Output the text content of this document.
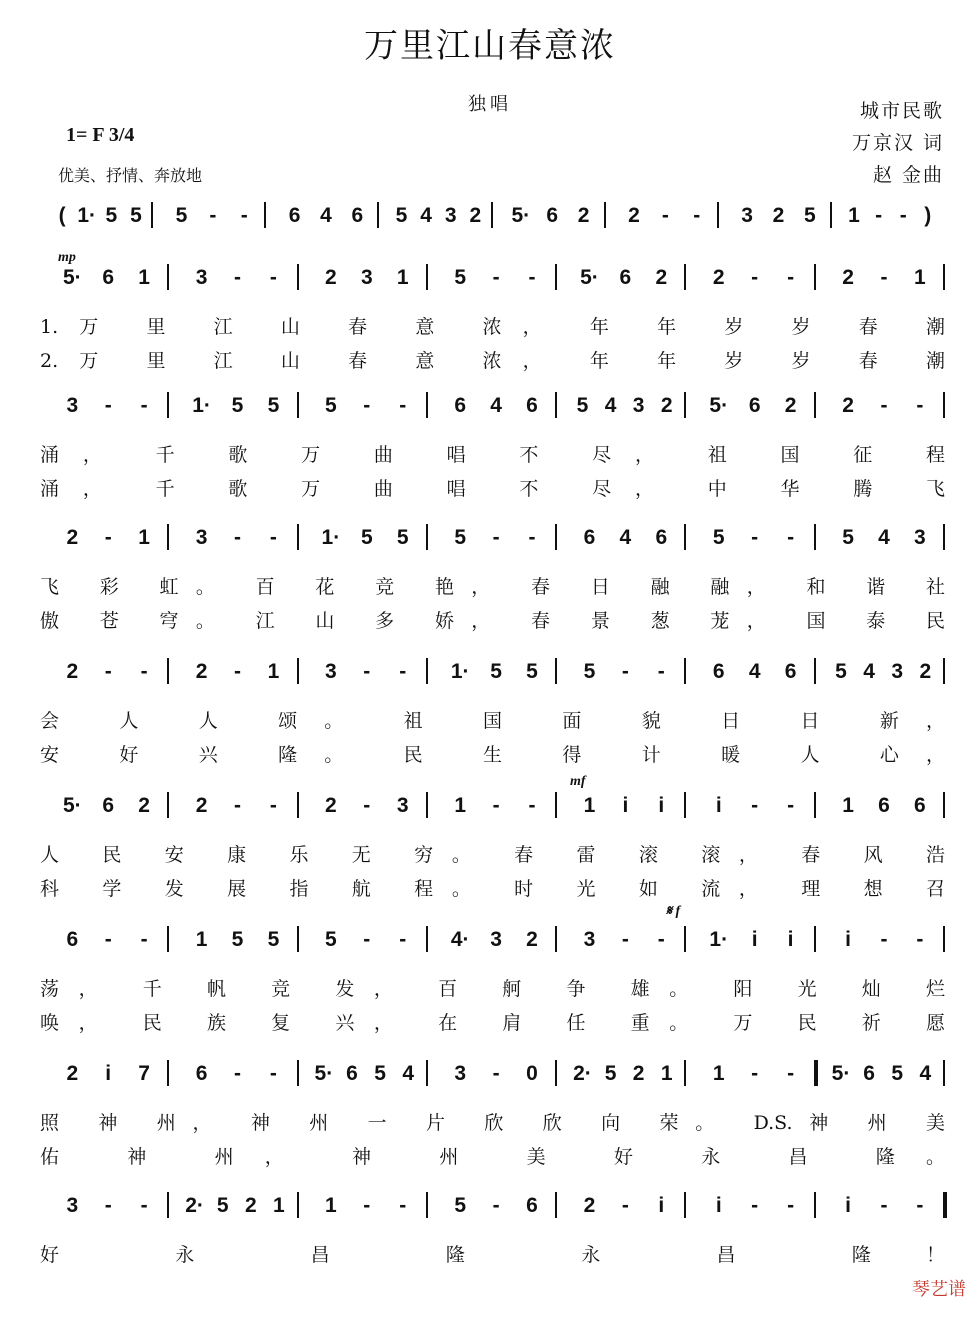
万里江山春意浓
独唱	城市民歌
万京汉 词
赵 金曲
1= F 3/4
优美、抒情、奔放地
( 1· 5 5 5 - - 6 4 6 5 4 3 2 5· 6 2 2 - - 3 2 5 1 - - )
5· 6 1 3 - - 2 3 1 5 - - 5· 6 2 2 - - 2 - 1
1.万 里 江 山 春 意 浓， 年 年 岁 岁 春 潮
2.万 里 江 山 春 意 浓， 年 年 岁 岁 春 潮
3 - - 1· 5 5 5 - - 6 4 6 5 4 3 2 5· 6 2 2 - -
涌， 千 歌 万 曲 唱 不 尽， 祖 国 征 程
涌， 千 歌 万 曲 唱 不 尽， 中 华 腾 飞
2 - 1 3 - - 1· 5 5 5 - - 6 4 6 5 - - 5 4 3
飞 彩 虹。 百 花 竞 艳， 春 日 融 融， 和 谐 社
傲 苍 穹。 江 山 多 娇， 春 景 葱 茏， 国 泰 民
2 - - 2 - 1 3 - - 1· 5 5 5 - - 6 4 6 5 4 3 2
会 人 人 颂。 祖 国 面 貌 日 日 新，
安 好 兴 隆。 民 生 得 计 暖 人 心，
5· 6 2 2 - - 2 - 3 1 - - 1 i i i - - 1 6 6
人 民 安 康 乐 无 穷。 春 雷 滚 滚， 春 风 浩
科 学 发 展 指 航 程。 时 光 如 流， 理 想 召
6 - - 1 5 5 5 - - 4· 3 2 3 - - 1· i i i - -
荡， 千 帆 竞 发， 百 舸 争 雄。 阳 光 灿 烂
唤， 民 族 复 兴， 在 肩 任 重。 万 民 祈 愿
2 i 7 6 - - 5· 6 5 4 3 - 0 2· 5 2 1 1 - - 5· 6 5 4
照 神 州， 神 州 一 片 欣 欣 向 荣。 D.S.神 州 美
佑 神 州， 神 州 美 好 永 昌 隆。
3 - - 2· 5 2 1 1 - - 5 - 6 2 - i i - - i - -
好 永 昌 隆 永 昌 隆！
mp
mf
𝄋 f
琴艺谱
